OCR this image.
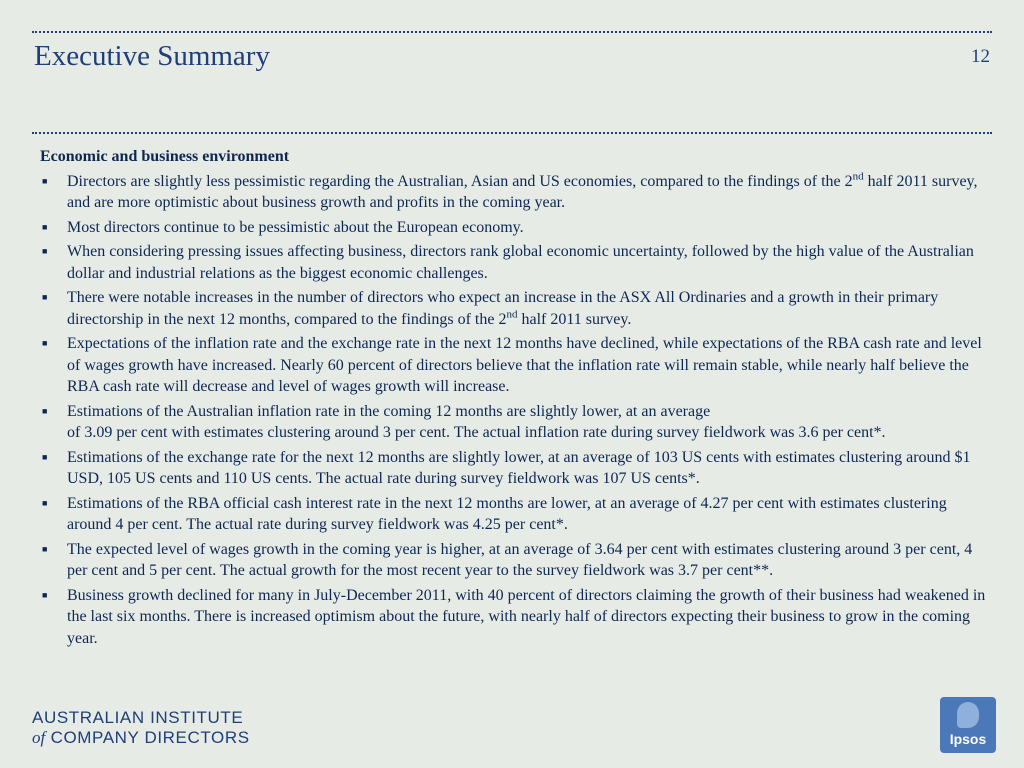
Executive Summary	12
Economic and business environment
■ Directors are slightly less pessimistic regarding the Australian, Asian and US economies, compared to the findings of the 2nd half 2011 survey, and are more optimistic about business growth and profits in the coming year.
■ Most directors continue to be pessimistic about the European economy.
■ When considering pressing issues affecting business, directors rank global economic uncertainty, followed by the high value of the Australian dollar and industrial relations as the biggest economic challenges.
■ There were notable increases in the number of directors who expect an increase in the ASX All Ordinaries and a growth in their primary directorship in the next 12 months, compared to the findings of the 2nd half 2011 survey.
■ Expectations of the inflation rate and the exchange rate in the next 12 months have declined, while expectations of the RBA cash rate and level of wages growth have increased. Nearly 60 percent of directors believe that the inflation rate will remain stable, while nearly half believe the RBA cash rate will decrease and level of wages growth will increase.
■ Estimations of the Australian inflation rate in the coming 12 months are slightly lower, at an average
of 3.09 per cent with estimates clustering around 3 per cent. The actual inflation rate during survey fieldwork was 3.6 per cent*.
■ Estimations of the exchange rate for the next 12 months are slightly lower, at an average of 103 US cents with estimates clustering around $1 USD, 105 US cents and 110 US cents. The actual rate during survey fieldwork was 107 US cents*.
■ Estimations of the RBA official cash interest rate in the next 12 months are lower, at an average of 4.27 per cent with estimates clustering around 4 per cent. The actual rate during survey fieldwork was 4.25 per cent*.
■ The expected level of wages growth in the coming year is higher, at an average of 3.64 per cent with estimates clustering around 3 per cent, 4 per cent and 5 per cent. The actual growth for the most recent year to the survey fieldwork was 3.7 per cent**.
■ Business growth declined for many in July-December 2011, with 40 percent of directors claiming the growth of their business had weakened in the last six months. There is increased optimism about the future, with nearly half of directors expecting their business to grow in the coming year.
AUSTRALIAN INSTITUTE
of COMPANY DIRECTORS	Ipsos
